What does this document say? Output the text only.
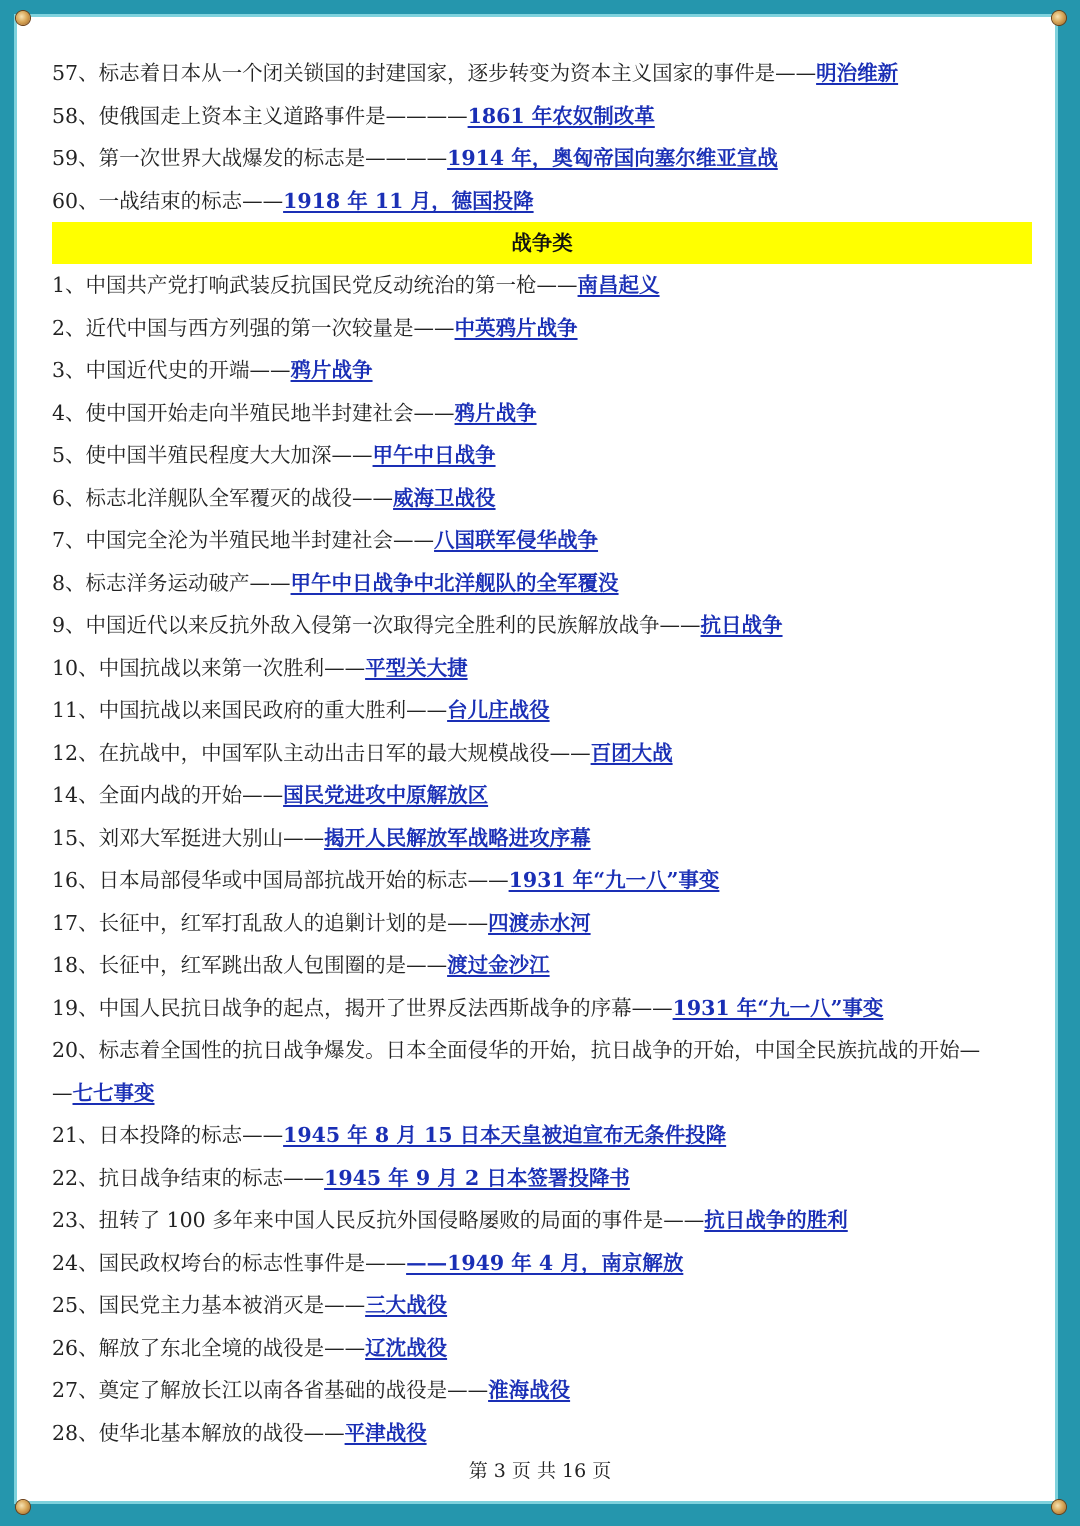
57、标志着日本从一个闭关锁国的封建国家，逐步转变为资本主义国家的事件是——明治维新
58、使俄国走上资本主义道路事件是————1861 年农奴制改革
59、第一次世界大战爆发的标志是————1914 年，奥匈帝国向塞尔维亚宣战
60、一战结束的标志——1918 年 11 月，德国投降
战争类
1、中国共产党打响武装反抗国民党反动统治的第一枪——南昌起义
2、近代中国与西方列强的第一次较量是——中英鸦片战争
3、中国近代史的开端——鸦片战争
4、使中国开始走向半殖民地半封建社会——鸦片战争
5、使中国半殖民程度大大加深——甲午中日战争
6、标志北洋舰队全军覆灭的战役——威海卫战役
7、中国完全沦为半殖民地半封建社会——八国联军侵华战争
8、标志洋务运动破产——甲午中日战争中北洋舰队的全军覆没
9、中国近代以来反抗外敌入侵第一次取得完全胜利的民族解放战争——抗日战争
10、中国抗战以来第一次胜利——平型关大捷
11、中国抗战以来国民政府的重大胜利——台儿庄战役
12、在抗战中，中国军队主动出击日军的最大规模战役——百团大战
14、全面内战的开始——国民党进攻中原解放区
15、刘邓大军挺进大别山——揭开人民解放军战略进攻序幕
16、日本局部侵华或中国局部抗战开始的标志——1931 年“九一八”事变
17、长征中，红军打乱敌人的追剿计划的是——四渡赤水河
18、长征中，红军跳出敌人包围圈的是——渡过金沙江
19、中国人民抗日战争的起点，揭开了世界反法西斯战争的序幕——1931 年“九一八”事变
20、标志着全国性的抗日战争爆发。日本全面侵华的开始，抗日战争的开始，中国全民族抗战的开始—
—七七事变
21、日本投降的标志——1945 年 8 月 15 日本天皇被迫宣布无条件投降
22、抗日战争结束的标志——1945 年 9 月 2 日本签署投降书
23、扭转了 100 多年来中国人民反抗外国侵略屡败的局面的事件是——抗日战争的胜利
24、国民政权垮台的标志性事件是————1949 年 4 月，南京解放
25、国民党主力基本被消灭是——三大战役
26、解放了东北全境的战役是——辽沈战役
27、奠定了解放长江以南各省基础的战役是——淮海战役
28、使华北基本解放的战役——平津战役
第 3 页 共 16 页
